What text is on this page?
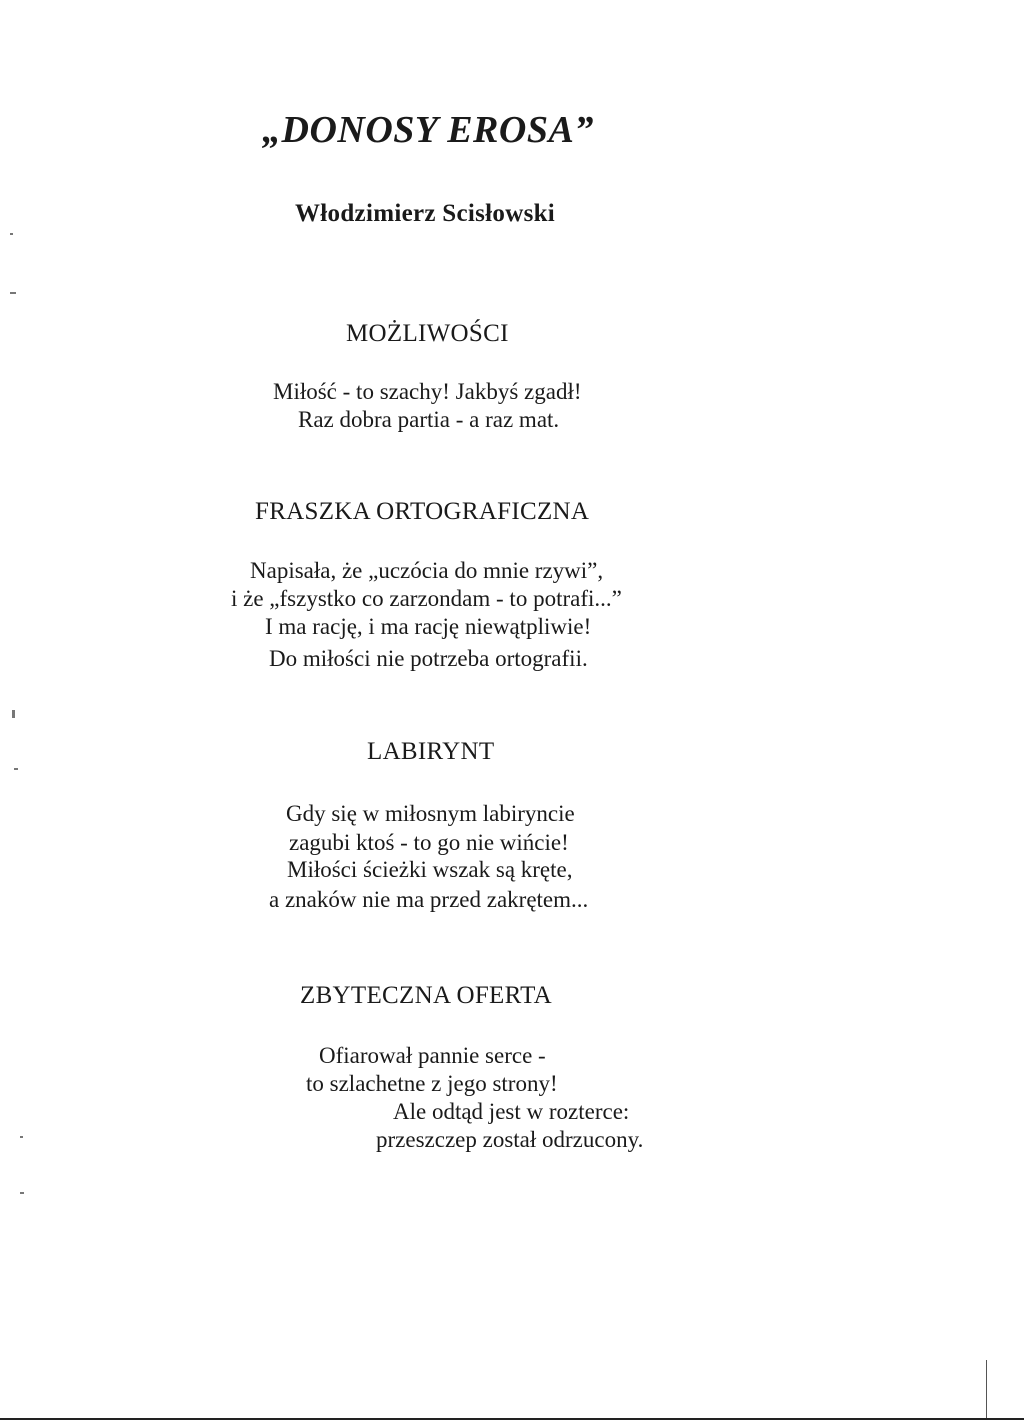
„DONOSY EROSA”
Włodzimierz Scisłowski
MOŻLIWOŚCI
Miłość - to szachy! Jakbyś zgadł!
Raz dobra partia - a raz mat.
FRASZKA ORTOGRAFICZNA
Napisała, że „uczócia do mnie rzywi”,
i że „fszystko co zarzondam - to potrafi...”
I ma rację, i ma rację niewątpliwie!
Do miłości nie potrzeba ortografii.
LABIRYNT
Gdy się w miłosnym labiryncie
zagubi ktoś - to go nie wińcie!
Miłości ścieżki wszak są kręte,
a znaków nie ma przed zakrętem...
ZBYTECZNA OFERTA
Ofiarował pannie serce -
to szlachetne z jego strony!
Ale odtąd jest w rozterce:
przeszczep został odrzucony.
